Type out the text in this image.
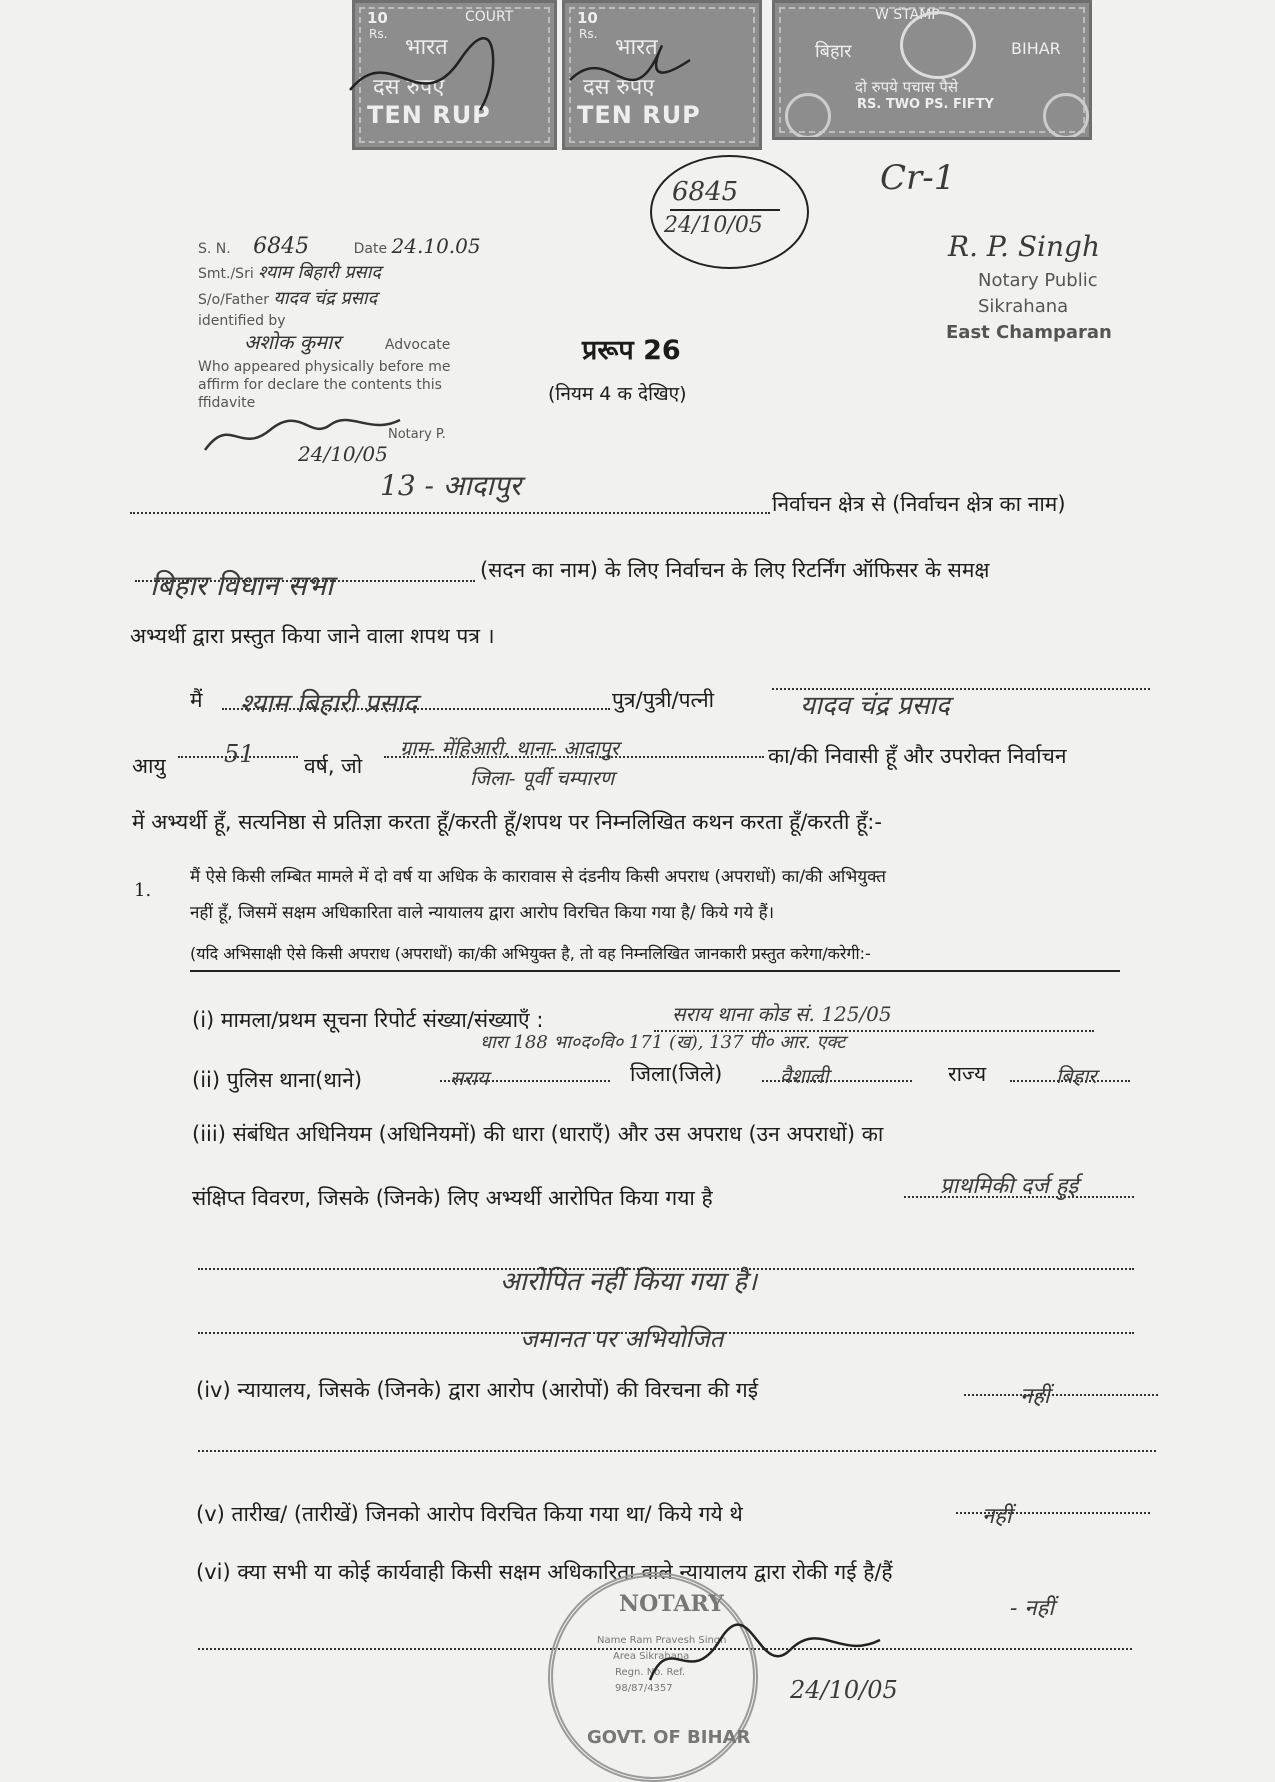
10
Rs.
COURT
भारत
दस रुपए
TEN RUP
10
Rs.
भारत
दस रुपए
TEN RUP
W STAMP
बिहार	BIHAR
दो रुपये पचास पैसे
RS. TWO PS. FIFTY
6845
24/10/05
Cr-1
R. P. Singh
Notary Public
Sikrahana
East Champaran
S. N. 6845	Date 24.10.05
Smt./Sri श्याम बिहारी प्रसाद
S/o/Father यादव चंद्र प्रसाद
identified by
अशोक कुमार	Advocate
Who appeared physically before me
affirm for declare the contents this
ffidavite
Notary P.
24/10/05
प्ररूप 26
(नियम 4 क देखिए)
13 - आदापुर
निर्वाचन क्षेत्र से (निर्वाचन क्षेत्र का नाम)
बिहार विधान सभा	(सदन का नाम) के लिए निर्वाचन के लिए रिटर्निंग ऑफिसर के समक्ष
अभ्यर्थी द्वारा प्रस्तुत किया जाने वाला शपथ पत्र ।
मैं श्याम बिहारी प्रसाद	पुत्र/पुत्री/पत्नी	यादव चंद्र प्रसाद
आयु 51 वर्ष, जो
ग्राम- मेंहिआरी, थाना- आदापुर
जिला- पूर्वी चम्पारण
का/की निवासी हूँ और उपरोक्त निर्वाचन
में अभ्यर्थी हूँ, सत्यनिष्ठा से प्रतिज्ञा करता हूँ/करती हूँ/शपथ पर निम्नलिखित कथन करता हूँ/करती हूँ:-
1.
मैं ऐसे किसी लम्बित मामले में दो वर्ष या अधिक के कारावास से दंडनीय किसी अपराध (अपराधों) का/की अभियुक्त
नहीं हूँ, जिसमें सक्षम अधिकारिता वाले न्यायालय द्वारा आरोप विरचित किया गया है/ किये गये हैं।
(यदि अभिसाक्षी ऐसे किसी अपराध (अपराधों) का/की अभियुक्त है, तो वह निम्नलिखित जानकारी प्रस्तुत करेगा/करेगी:-
(i) मामला/प्रथम सूचना रिपोर्ट संख्या/संख्याएँ :	सराय थाना कोड सं. 125/05
धारा 188 भा०द०वि० 171 (ख), 137 पी० आर. एक्ट
(ii) पुलिस थाना(थाने)	सराय	जिला(जिले)	वैशाली	राज्य	बिहार
(iii) संबंधित अधिनियम (अधिनियमों) की धारा (धाराएँ) और उस अपराध (उन अपराधों) का
संक्षिप्त विवरण, जिसके (जिनके) लिए अभ्यर्थी आरोपित किया गया है	प्राथमिकी दर्ज हुई
आरोपित नहीं किया गया है।
जमानत पर अभियोजित
(iv) न्यायालय, जिसके (जिनके) द्वारा आरोप (आरोपों) की विरचना की गई	नहीं
(v) तारीख/ (तारीखें) जिनको आरोप विरचित किया गया था/ किये गये थे	नहीं
(vi) क्या सभी या कोई कार्यवाही किसी सक्षम अधिकारिता वाले न्यायालय द्वारा रोकी गई है/हैं
- नहीं
NOTARY
Name Ram Pravesh Singh
Area Sikrahana
Regn. No. Ref.
98/87/4357
GOVT. OF BIHAR
24/10/05
